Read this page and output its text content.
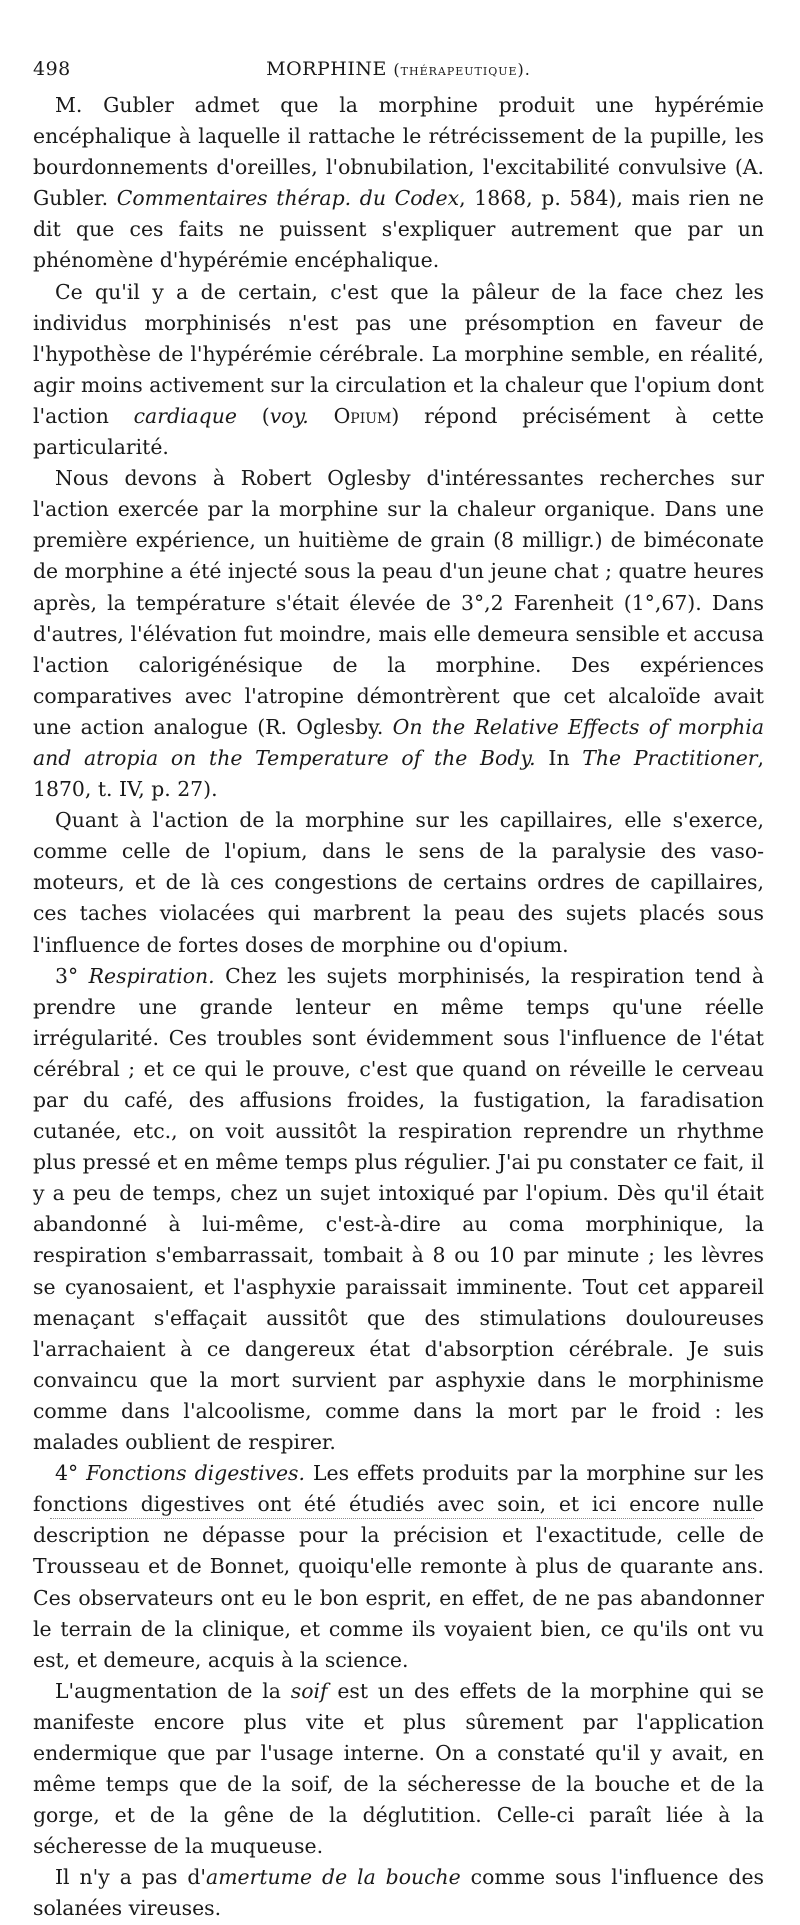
498	MORPHINE (thérapeutique).

M. Gubler admet que la morphine produit une hypérémie encéphalique à laquelle il rattache le rétrécissement de la pupille, les bourdonnements d'oreilles, l'obnubilation, l'excitabilité convulsive (A. Gubler. Commentaires thérap. du Codex, 1868, p. 584), mais rien ne dit que ces faits ne puissent s'expliquer autrement que par un phénomène d'hypérémie encéphalique.

Ce qu'il y a de certain, c'est que la pâleur de la face chez les individus morphinisés n'est pas une présomption en faveur de l'hypothèse de l'hypérémie cérébrale. La morphine semble, en réalité, agir moins activement sur la circulation et la chaleur que l'opium dont l'action cardiaque (voy. Opium) répond précisément à cette particularité.

Nous devons à Robert Oglesby d'intéressantes recherches sur l'action exercée par la morphine sur la chaleur organique. Dans une première expérience, un huitième de grain (8 milligr.) de biméconate de morphine a été injecté sous la peau d'un jeune chat ; quatre heures après, la température s'était élevée de 3°,2 Farenheit (1°,67). Dans d'autres, l'élévation fut moindre, mais elle demeura sensible et accusa l'action calorigénésique de la morphine. Des expériences comparatives avec l'atropine démontrèrent que cet alcaloïde avait une action analogue (R. Oglesby. On the Relative Effects of morphia and atropia on the Temperature of the Body. In The Practitioner, 1870, t. IV, p. 27).

Quant à l'action de la morphine sur les capillaires, elle s'exerce, comme celle de l'opium, dans le sens de la paralysie des vaso-moteurs, et de là ces congestions de certains ordres de capillaires, ces taches violacées qui marbrent la peau des sujets placés sous l'influence de fortes doses de morphine ou d'opium.

3° Respiration. Chez les sujets morphinisés, la respiration tend à prendre une grande lenteur en même temps qu'une réelle irrégularité. Ces troubles sont évidemment sous l'influence de l'état cérébral ; et ce qui le prouve, c'est que quand on réveille le cerveau par du café, des affusions froides, la fustigation, la faradisation cutanée, etc., on voit aussitôt la respiration reprendre un rhythme plus pressé et en même temps plus régulier. J'ai pu constater ce fait, il y a peu de temps, chez un sujet intoxiqué par l'opium. Dès qu'il était abandonné à lui-même, c'est-à-dire au coma morphinique, la respiration s'embarrassait, tombait à 8 ou 10 par minute ; les lèvres se cyanosaient, et l'asphyxie paraissait imminente. Tout cet appareil menaçant s'effaçait aussitôt que des stimulations douloureuses l'arrachaient à ce dangereux état d'absorption cérébrale. Je suis convaincu que la mort survient par asphyxie dans le morphinisme comme dans l'alcoolisme, comme dans la mort par le froid : les malades oublient de respirer.

4° Fonctions digestives. Les effets produits par la morphine sur les fonctions digestives ont été étudiés avec soin, et ici encore nulle description ne dépasse pour la précision et l'exactitude, celle de Trousseau et de Bonnet, quoiqu'elle remonte à plus de quarante ans. Ces observateurs ont eu le bon esprit, en effet, de ne pas abandonner le terrain de la clinique, et comme ils voyaient bien, ce qu'ils ont vu est, et demeure, acquis à la science.

L'augmentation de la soif est un des effets de la morphine qui se manifeste encore plus vite et plus sûrement par l'application endermique que par l'usage interne. On a constaté qu'il y avait, en même temps que de la soif, de la sécheresse de la bouche et de la gorge, et de la gêne de la déglutition. Celle-ci paraît liée à la sécheresse de la muqueuse.

Il n'y a pas d'amertume de la bouche comme sous l'influence des solanées vireuses.
